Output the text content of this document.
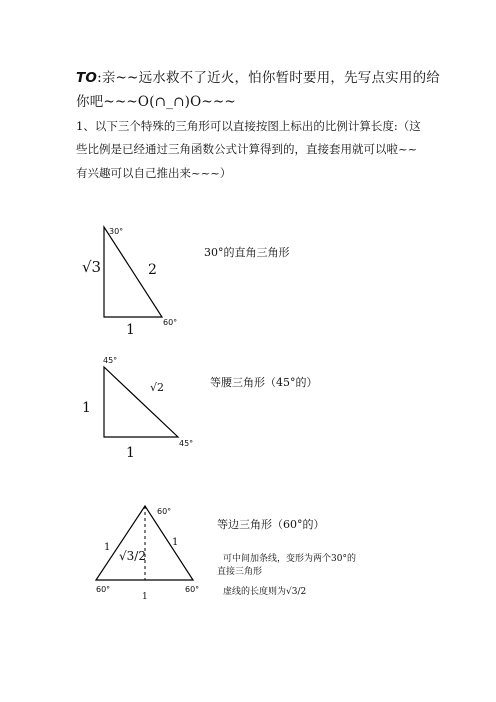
TO:亲~~远水救不了近火，怕你暂时要用，先写点实用的给
你吧~~~O(∩_∩)O~~~
1、以下三个特殊的三角形可以直接按图上标出的比例计算长度:（这
些比例是已经通过三角函数公式计算得到的，直接套用就可以啦~~
有兴趣可以自己推出来~~~）
30°
60°
√3	2
1
30°的直角三角形
45°
45°
1
√2
1
等腰三角形（45°的）
60°
60°	60°
1	1
1
√3/2
等边三角形（60°的）
可中间加条线，变形为两个30°的
直接三角形
虚线的长度则为√3/2
